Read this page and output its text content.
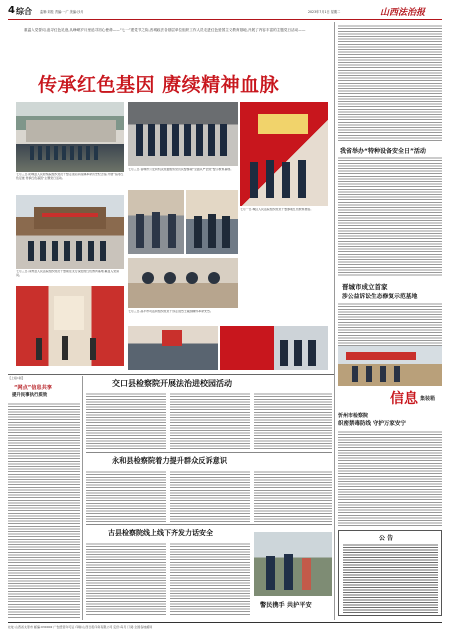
4 综合	监制:刘桂 责编:一广 美编:沙月	2023年7月1日 星期二	山西法治报
重温入党誓词,追寻红色足迹,从峥嵘岁月里追寻初心使命——“七一”建党节之际,晋城政法各基层单位组织工作人员走进红色爱国主义教育基地,开展了内容丰富的主题党日活动——
传承红色基因 赓续精神血脉
七月三日,阳城县人民检察院组织党员干警走进沁河流域革命历史纪念馆,开展“追寻红色足迹 传承红色基因”主题党日活动。
七月三日,泽州县人民法院组织党员干警前往太行深处的红色教育基地,重温入党誓词。
七月三日,晋城市公安局机关党委组织党员民警参观“全面从严治党”警示教育基地。
七月一日,城区人民法院组织党员干警参观红色教育展馆。
七月三日,高平市司法局组织党员干部走进烈士陵园缅怀革命先烈。
我省举办“特种设备安全日”活动
晋城市成立首家
涉公益诉讼生态修复示范基地
【上接1版】
“网点”信息共享
提升民事执行质效
交口县检察院开展法治进校园活动
永和县检察院着力提升群众反诉意识
古县检察院线上线下齐发力话安全
警民携手 共护平安
信息 集装箱
忻州市检察院
织密禁毒防线 守护万家安宁
公 告
社址:山西省太原市 邮编:030002 广告经营许可证 印刷:山西日报印务有限公司 定价:每月 订阅:全国各地邮局
